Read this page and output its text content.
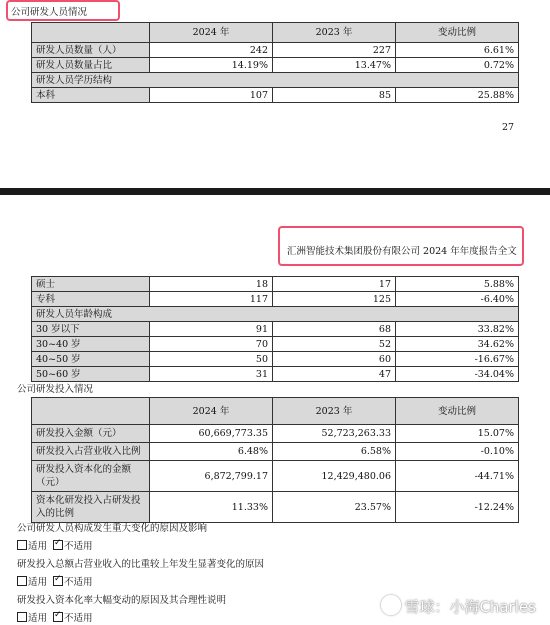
公司研发人员情况
	2024 年	2023 年	变动比例
研发人员数量（人）	242	227	6.61%
研发人员数量占比	14.19%	13.47%	0.72%
研发人员学历结构			
本科	107	85	25.88%
27
汇洲智能技术集团股份有限公司 2024 年年度报告全文
硕士	18	17	5.88%
专科	117	125	-6.40%
研发人员年龄构成			
30 岁以下	91	68	33.82%
30~40 岁	70	52	34.62%
40~50 岁	50	60	-16.67%
50~60 岁	31	47	-34.04%
公司研发投入情况
	2024 年	2023 年	变动比例
研发投入金额（元）	60,669,773.35	52,723,263.33	15.07%
研发投入占营业收入比例	6.48%	6.58%	-0.10%
研发投入资本化的金额（元）	6,872,799.17	12,429,480.06	-44.71%
资本化研发投入占研发投入的比例	11.33%	23.57%	-12.24%
公司研发人员构成发生重大变化的原因及影响
适用 ✓ 不适用
研发投入总额占营业收入的比重较上年发生显著变化的原因
适用 ✓ 不适用
研发投入资本化率大幅变动的原因及其合理性说明
适用 ✓ 不适用
雪球：小海Charles
